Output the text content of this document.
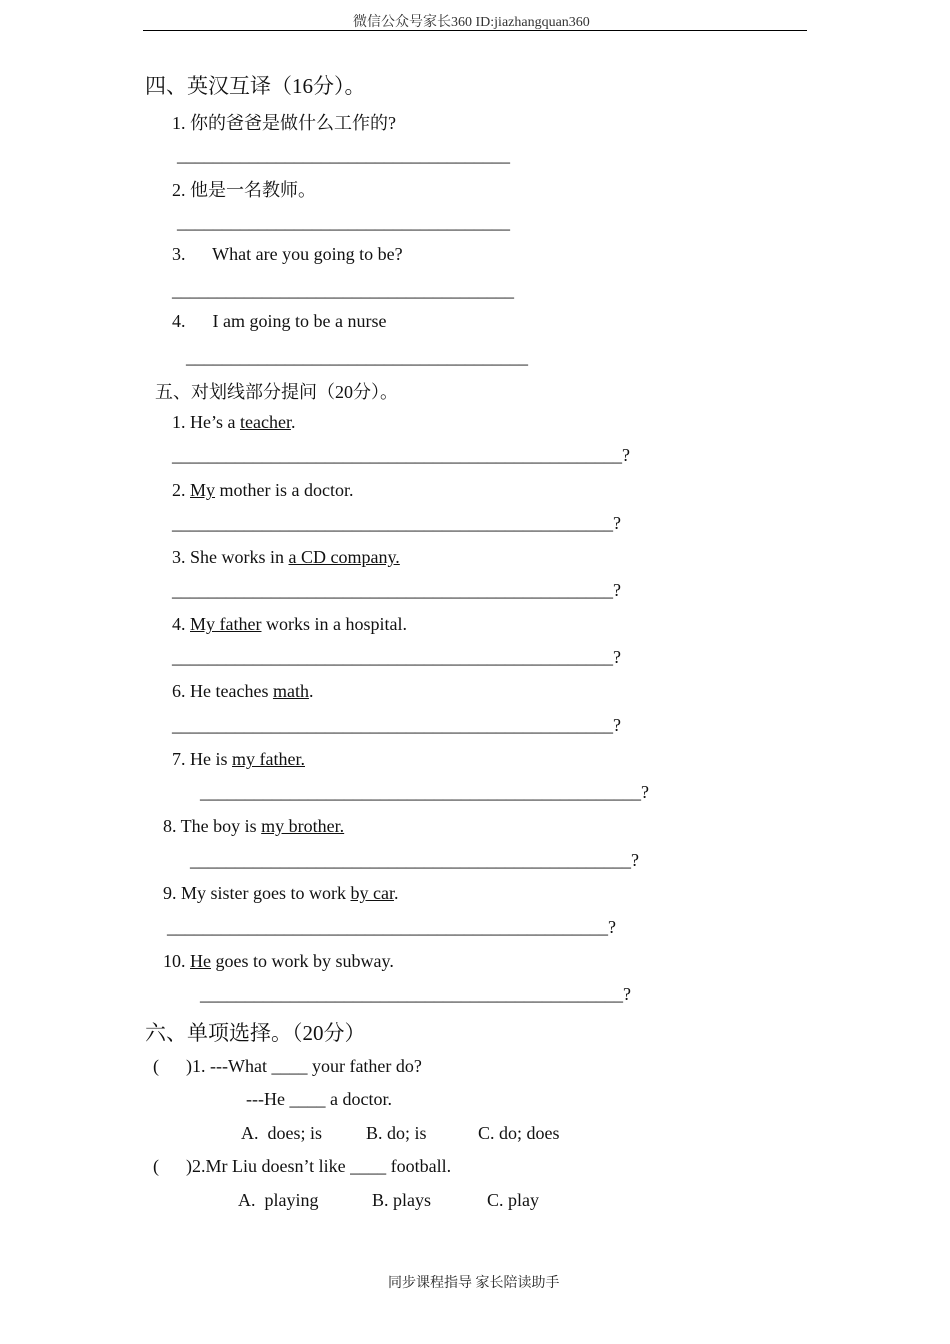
微信公众号家长360 ID:jiazhangquan360
四、英汉互译（16分）。
1. 你的爸爸是做什么工作的?
_____________________________________
2. 他是一名教师。
_____________________________________
3.      What are you going to be?
______________________________________
4.      I am going to be a nurse
______________________________________
五、对划线部分提问（20分）。
1. He’s a teacher.
__________________________________________________?
2. My mother is a doctor.
_________________________________________________?
3. She works in a CD company.
_________________________________________________?
4. My father works in a hospital.
_________________________________________________?
6. He teaches math.
_________________________________________________?
7. He is my father.
_________________________________________________?
8. The boy is my brother.
_________________________________________________?
9. My sister goes to work by car.
_________________________________________________?
10. He goes to work by subway.
_______________________________________________?
六、单项选择。（20分）
(      )1. ---What ____ your father do?
---He ____ a doctor.
A.  does; is B. do; is	C. do; does
(      )2.Mr Liu doesn’t like ____ football.
A.  playing	B. plays	C. play
同步课程指导 家长陪读助手
